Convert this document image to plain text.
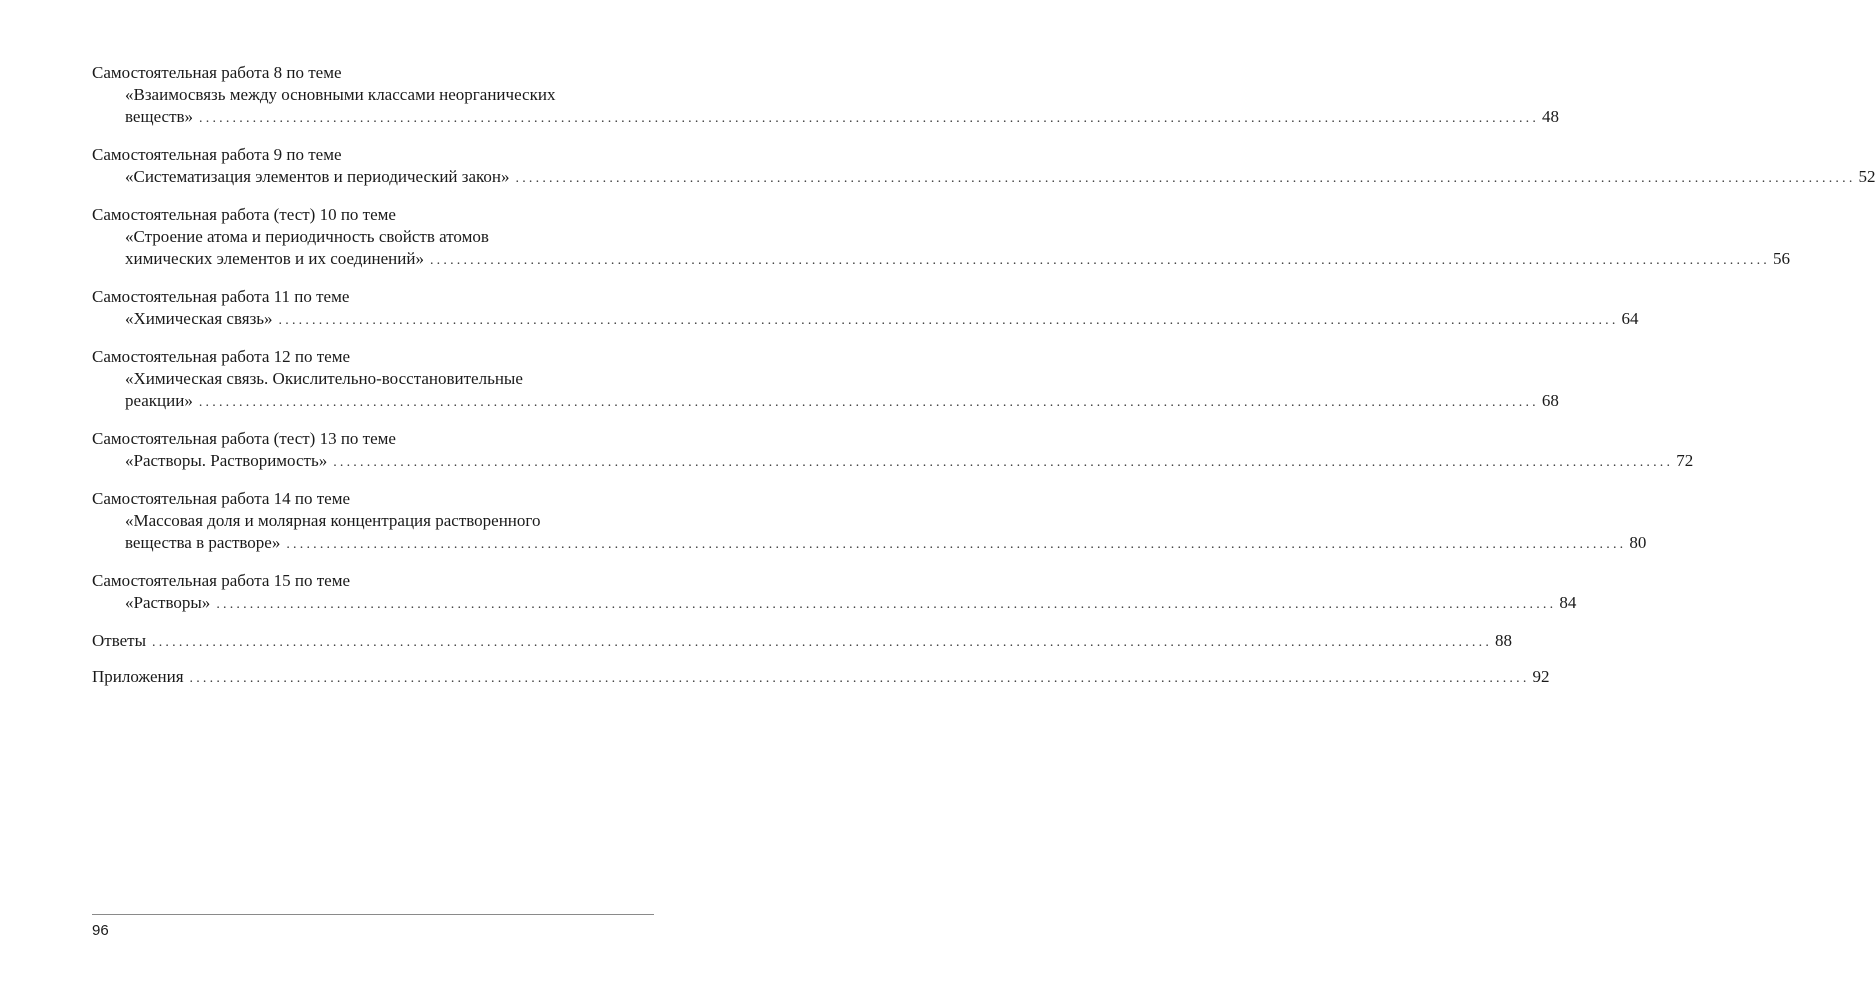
Самостоятельная работа 8 по теме
«Взаимосвязь между основными классами неорганических
веществ» ........................................................................................................................................................................................................ 48
Самостоятельная работа 9 по теме
«Систематизация элементов и периодический закон» ........................................................................................................................................................................................................ 52
Самостоятельная работа (тест) 10 по теме
«Строение атома и периодичность свойств атомов
химических элементов и их соединений» ........................................................................................................................................................................................................ 56
Самостоятельная работа 11 по теме
«Химическая связь» ........................................................................................................................................................................................................ 64
Самостоятельная работа 12 по теме
«Химическая связь. Окислительно-восстановительные
реакции» ........................................................................................................................................................................................................ 68
Самостоятельная работа (тест) 13 по теме
«Растворы. Растворимость» ........................................................................................................................................................................................................ 72
Самостоятельная работа 14 по теме
«Массовая доля и молярная концентрация растворенного
вещества в растворе» ........................................................................................................................................................................................................ 80
Самостоятельная работа 15 по теме
«Растворы» ........................................................................................................................................................................................................ 84
Ответы ........................................................................................................................................................................................................ 88
Приложения ........................................................................................................................................................................................................ 92
96
